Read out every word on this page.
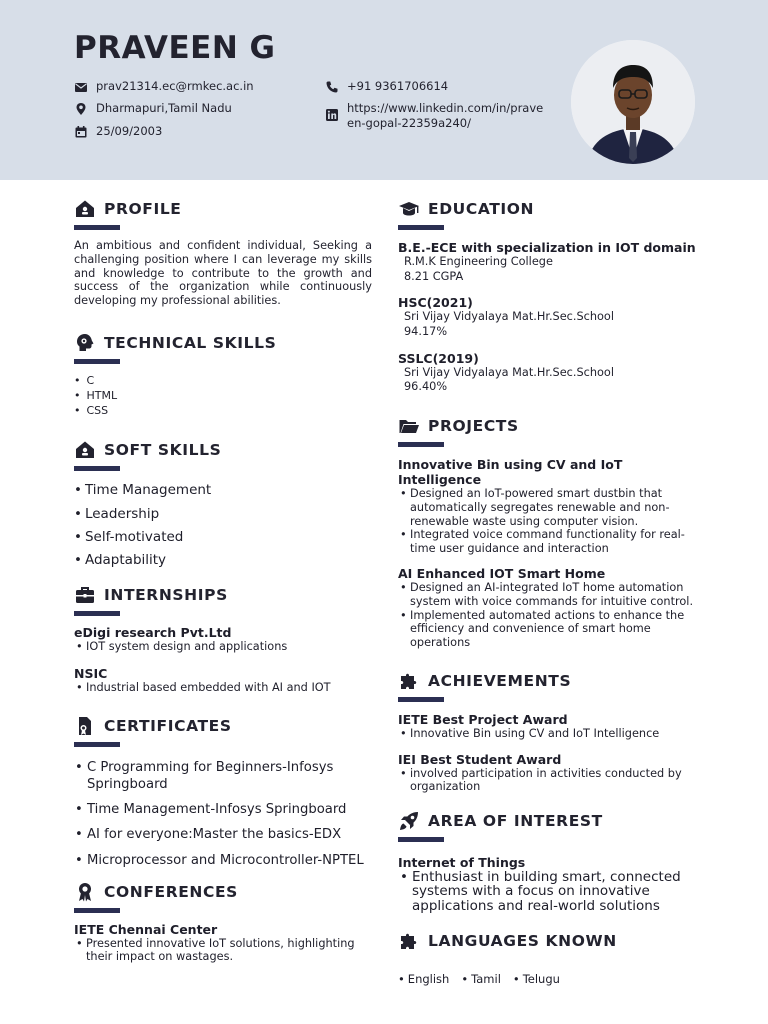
PRAVEEN G
prav21314.ec@rmkec.ac.in
Dharmapuri,Tamil Nadu
25/09/2003
+91 9361706614
https://www.linkedin.com/in/prave
en-gopal-22359a240/
PROFILE

An ambitious and confident individual, Seeking a challenging position where I can leverage my skills and knowledge to contribute to the growth and success of the organization while continuously developing my professional abilities.

TECHNICAL SKILLS
• C
• HTML
• CSS
SOFT SKILLS
• Time Management
• Leadership
• Self-motivated
• Adaptability
INTERNSHIPS
eDigi research Pvt.Ltd
• IOT system design and applications
NSIC
• Industrial based embedded with AI and IOT
CERTIFICATES
• C Programming for Beginners-Infosys Springboard
• Time Management-Infosys Springboard
• AI for everyone:Master the basics-EDX
• Microprocessor and Microcontroller-NPTEL
CONFERENCES
IETE Chennai Center
• Presented innovative IoT solutions, highlighting their impact on wastages.
EDUCATION
B.E.-ECE with specialization in IOT domain
R.M.K Engineering College
8.21 CGPA
HSC(2021)
Sri Vijay Vidyalaya Mat.Hr.Sec.School
94.17%
SSLC(2019)
Sri Vijay Vidyalaya Mat.Hr.Sec.School
96.40%
PROJECTS
Innovative Bin using CV and IoT Intelligence
• Designed an IoT-powered smart dustbin that automatically segregates renewable and non-renewable waste using computer vision.
• Integrated voice command functionality for real-time user guidance and interaction
AI Enhanced IOT Smart Home
• Designed an AI-integrated IoT home automation system with voice commands for intuitive control.
• Implemented automated actions to enhance the efficiency and convenience of smart home operations
ACHIEVEMENTS
IETE Best Project Award
• Innovative Bin using CV and IoT Intelligence
IEI Best Student Award
• involved participation in activities conducted by organization
AREA OF INTEREST
Internet of Things
• Enthusiast in building smart, connected systems with a focus on innovative applications and real-world solutions
LANGUAGES KNOWN
• English	• Tamil	• Telugu
